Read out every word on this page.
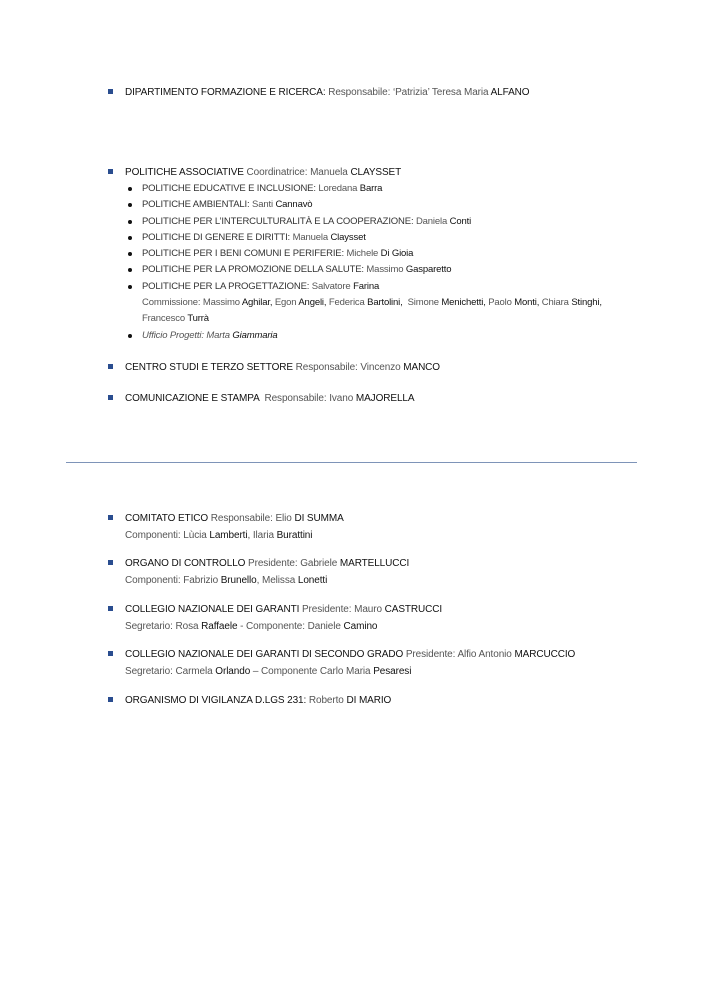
DIPARTIMENTO FORMAZIONE E RICERCA: Responsabile: ‘Patrizia’ Teresa Maria ALFANO
POLITICHE ASSOCIATIVE Coordinatrice: Manuela CLAYSSET
POLITICHE EDUCATIVE E INCLUSIONE: Loredana Barra
POLITICHE AMBIENTALI: Santi Cannavò
POLITICHE PER L’INTERCULTURALITÀ E LA COOPERAZIONE: Daniela Conti
POLITICHE DI GENERE E DIRITTI: Manuela Claysset
POLITICHE PER I BENI COMUNI E PERIFERIE: Michele Di Gioia
POLITICHE PER LA PROMOZIONE DELLA SALUTE: Massimo Gasparetto
POLITICHE PER LA PROGETTAZIONE: Salvatore Farina
Commissione: Massimo Aghilar, Egon Angeli, Federica Bartolini,  Simone Menichetti, Paolo Monti, Chiara Stinghi,
Francesco Turrà
Ufficio Progetti: Marta Giammaria
CENTRO STUDI E TERZO SETTORE Responsabile: Vincenzo MANCO
COMUNICAZIONE E STAMPA Responsabile: Ivano MAJORELLA
COMITATO ETICO Responsabile: Elio DI SUMMA
Componenti: Lùcia Lamberti, Ilaria Burattini
ORGANO DI CONTROLLO Presidente: Gabriele MARTELLUCCI
Componenti: Fabrizio Brunello, Melissa Lonetti
COLLEGIO NAZIONALE DEI GARANTI Presidente: Mauro CASTRUCCI
Segretario: Rosa Raffaele - Componente: Daniele Camino
COLLEGIO NAZIONALE DEI GARANTI DI SECONDO GRADO Presidente: Alfio Antonio MARCUCCIO
Segretario: Carmela Orlando – Componente Carlo Maria Pesaresi
ORGANISMO DI VIGILANZA D.LGS 231: Roberto DI MARIO
